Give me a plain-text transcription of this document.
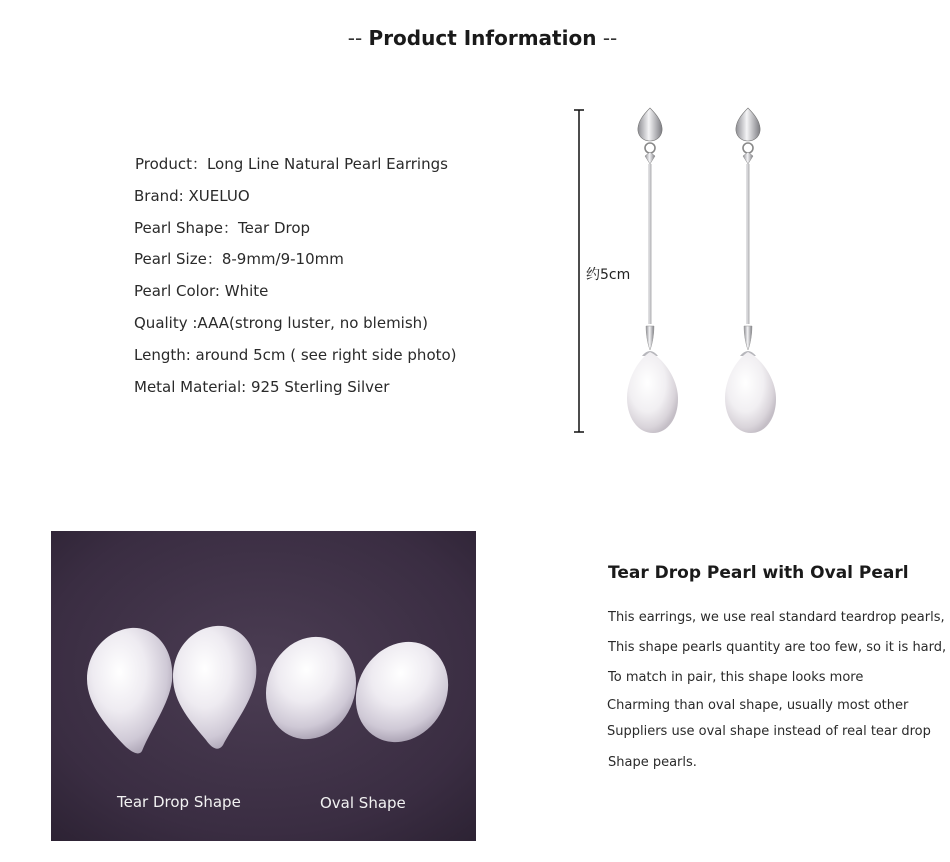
-- Product Information --
Product：Long Line Natural Pearl Earrings
Brand: XUELUO
Pearl Shape：Tear Drop
Pearl Size：8-9mm/9-10mm
Pearl Color: White
Quality :AAA(strong luster, no blemish)
Length: around 5cm ( see right side photo)
Metal Material: 925 Sterling Silver
约5cm
Tear Drop Shape	Oval Shape
Tear Drop Pearl with Oval Pearl
This earrings, we use real standard teardrop pearls,
This shape pearls quantity are too few, so it is hard,
To match in pair, this shape looks more
Charming than oval shape, usually most other
Suppliers use oval shape instead of real tear drop
Shape pearls.
